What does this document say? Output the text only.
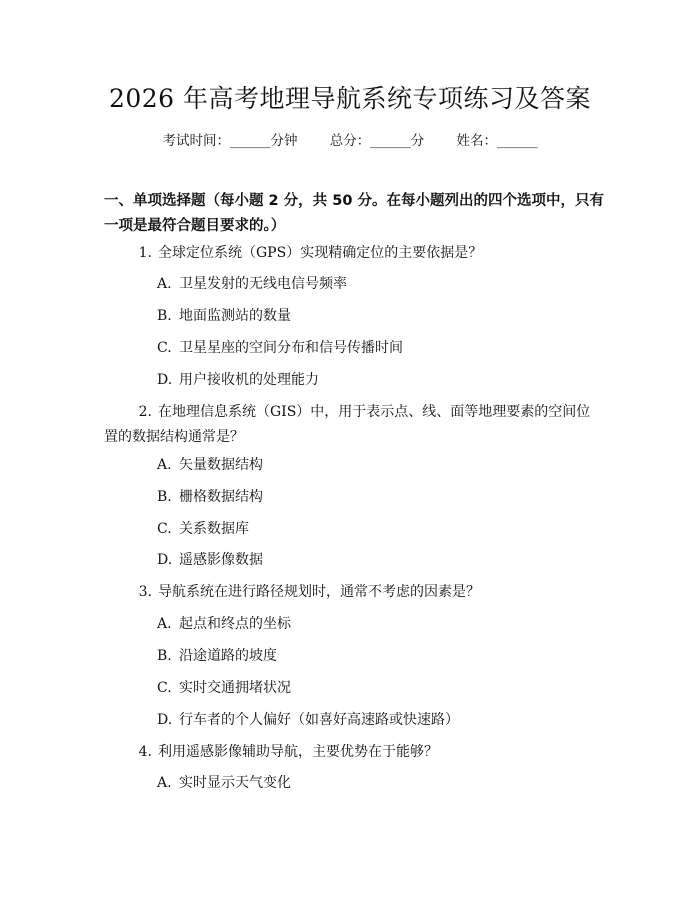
2026 年高考地理导航系统专项练习及答案
考试时间：______分钟 总分：______分 姓名：______
一、单项选择题（每小题 2 分，共 50 分。在每小题列出的四个选项中，只有一项是最符合题目要求的。）
1. 全球定位系统（GPS）实现精确定位的主要依据是？
A. 卫星发射的无线电信号频率
B. 地面监测站的数量
C. 卫星星座的空间分布和信号传播时间
D. 用户接收机的处理能力
2. 在地理信息系统（GIS）中，用于表示点、线、面等地理要素的空间位置的数据结构通常是？
A. 矢量数据结构
B. 栅格数据结构
C. 关系数据库
D. 遥感影像数据
3. 导航系统在进行路径规划时，通常不考虑的因素是？
A. 起点和终点的坐标
B. 沿途道路的坡度
C. 实时交通拥堵状况
D. 行车者的个人偏好（如喜好高速路或快速路）
4. 利用遥感影像辅助导航，主要优势在于能够？
A. 实时显示天气变化
